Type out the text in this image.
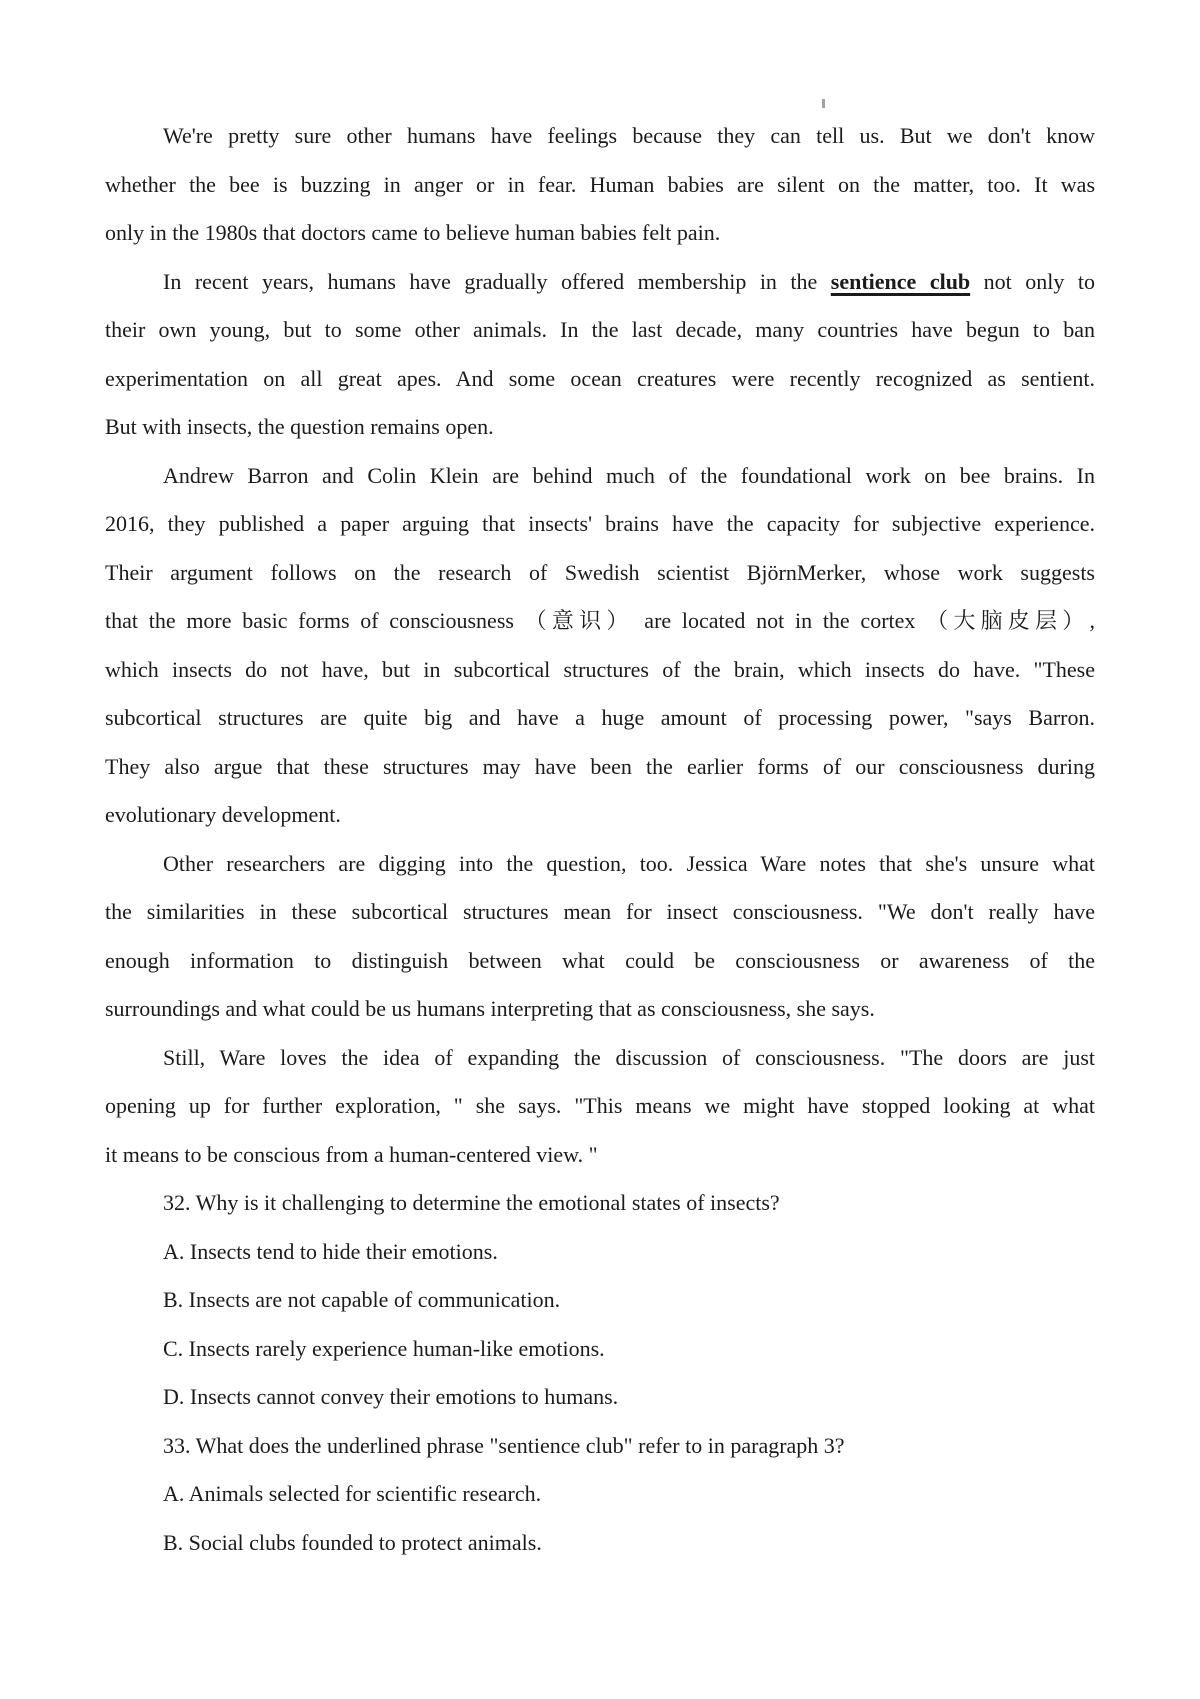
We're pretty sure other humans have feelings because they can tell us. But we don't know
whether the bee is buzzing in anger or in fear. Human babies are silent on the matter, too. It was
only in the 1980s that doctors came to believe human babies felt pain.
In recent years, humans have gradually offered membership in the sentience club not only to
their own young, but to some other animals. In the last decade, many countries have begun to ban
experimentation on all great apes. And some ocean creatures were recently recognized as sentient.
But with insects, the question remains open.
Andrew Barron and Colin Klein are behind much of the foundational work on bee brains. In
2016, they published a paper arguing that insects' brains have the capacity for subjective experience.
Their argument follows on the research of Swedish scientist BjörnMerker, whose work suggests
that the more basic forms of consciousness （意识） are located not in the cortex （大脑皮层）,
which insects do not have, but in subcortical structures of the brain, which insects do have. "These
subcortical structures are quite big and have a huge amount of processing power, "says Barron.
They also argue that these structures may have been the earlier forms of our consciousness during
evolutionary development.
Other researchers are digging into the question, too. Jessica Ware notes that she's unsure what
the similarities in these subcortical structures mean for insect consciousness. "We don't really have
enough information to distinguish between what could be consciousness or awareness of the
surroundings and what could be us humans interpreting that as consciousness, she says.
Still, Ware loves the idea of expanding the discussion of consciousness. "The doors are just
opening up for further exploration, " she says. "This means we might have stopped looking at what
it means to be conscious from a human-centered view. "
32. Why is it challenging to determine the emotional states of insects?
A. Insects tend to hide their emotions.
B. Insects are not capable of communication.
C. Insects rarely experience human-like emotions.
D. Insects cannot convey their emotions to humans.
33. What does the underlined phrase "sentience club" refer to in paragraph 3?
A. Animals selected for scientific research.
B. Social clubs founded to protect animals.
